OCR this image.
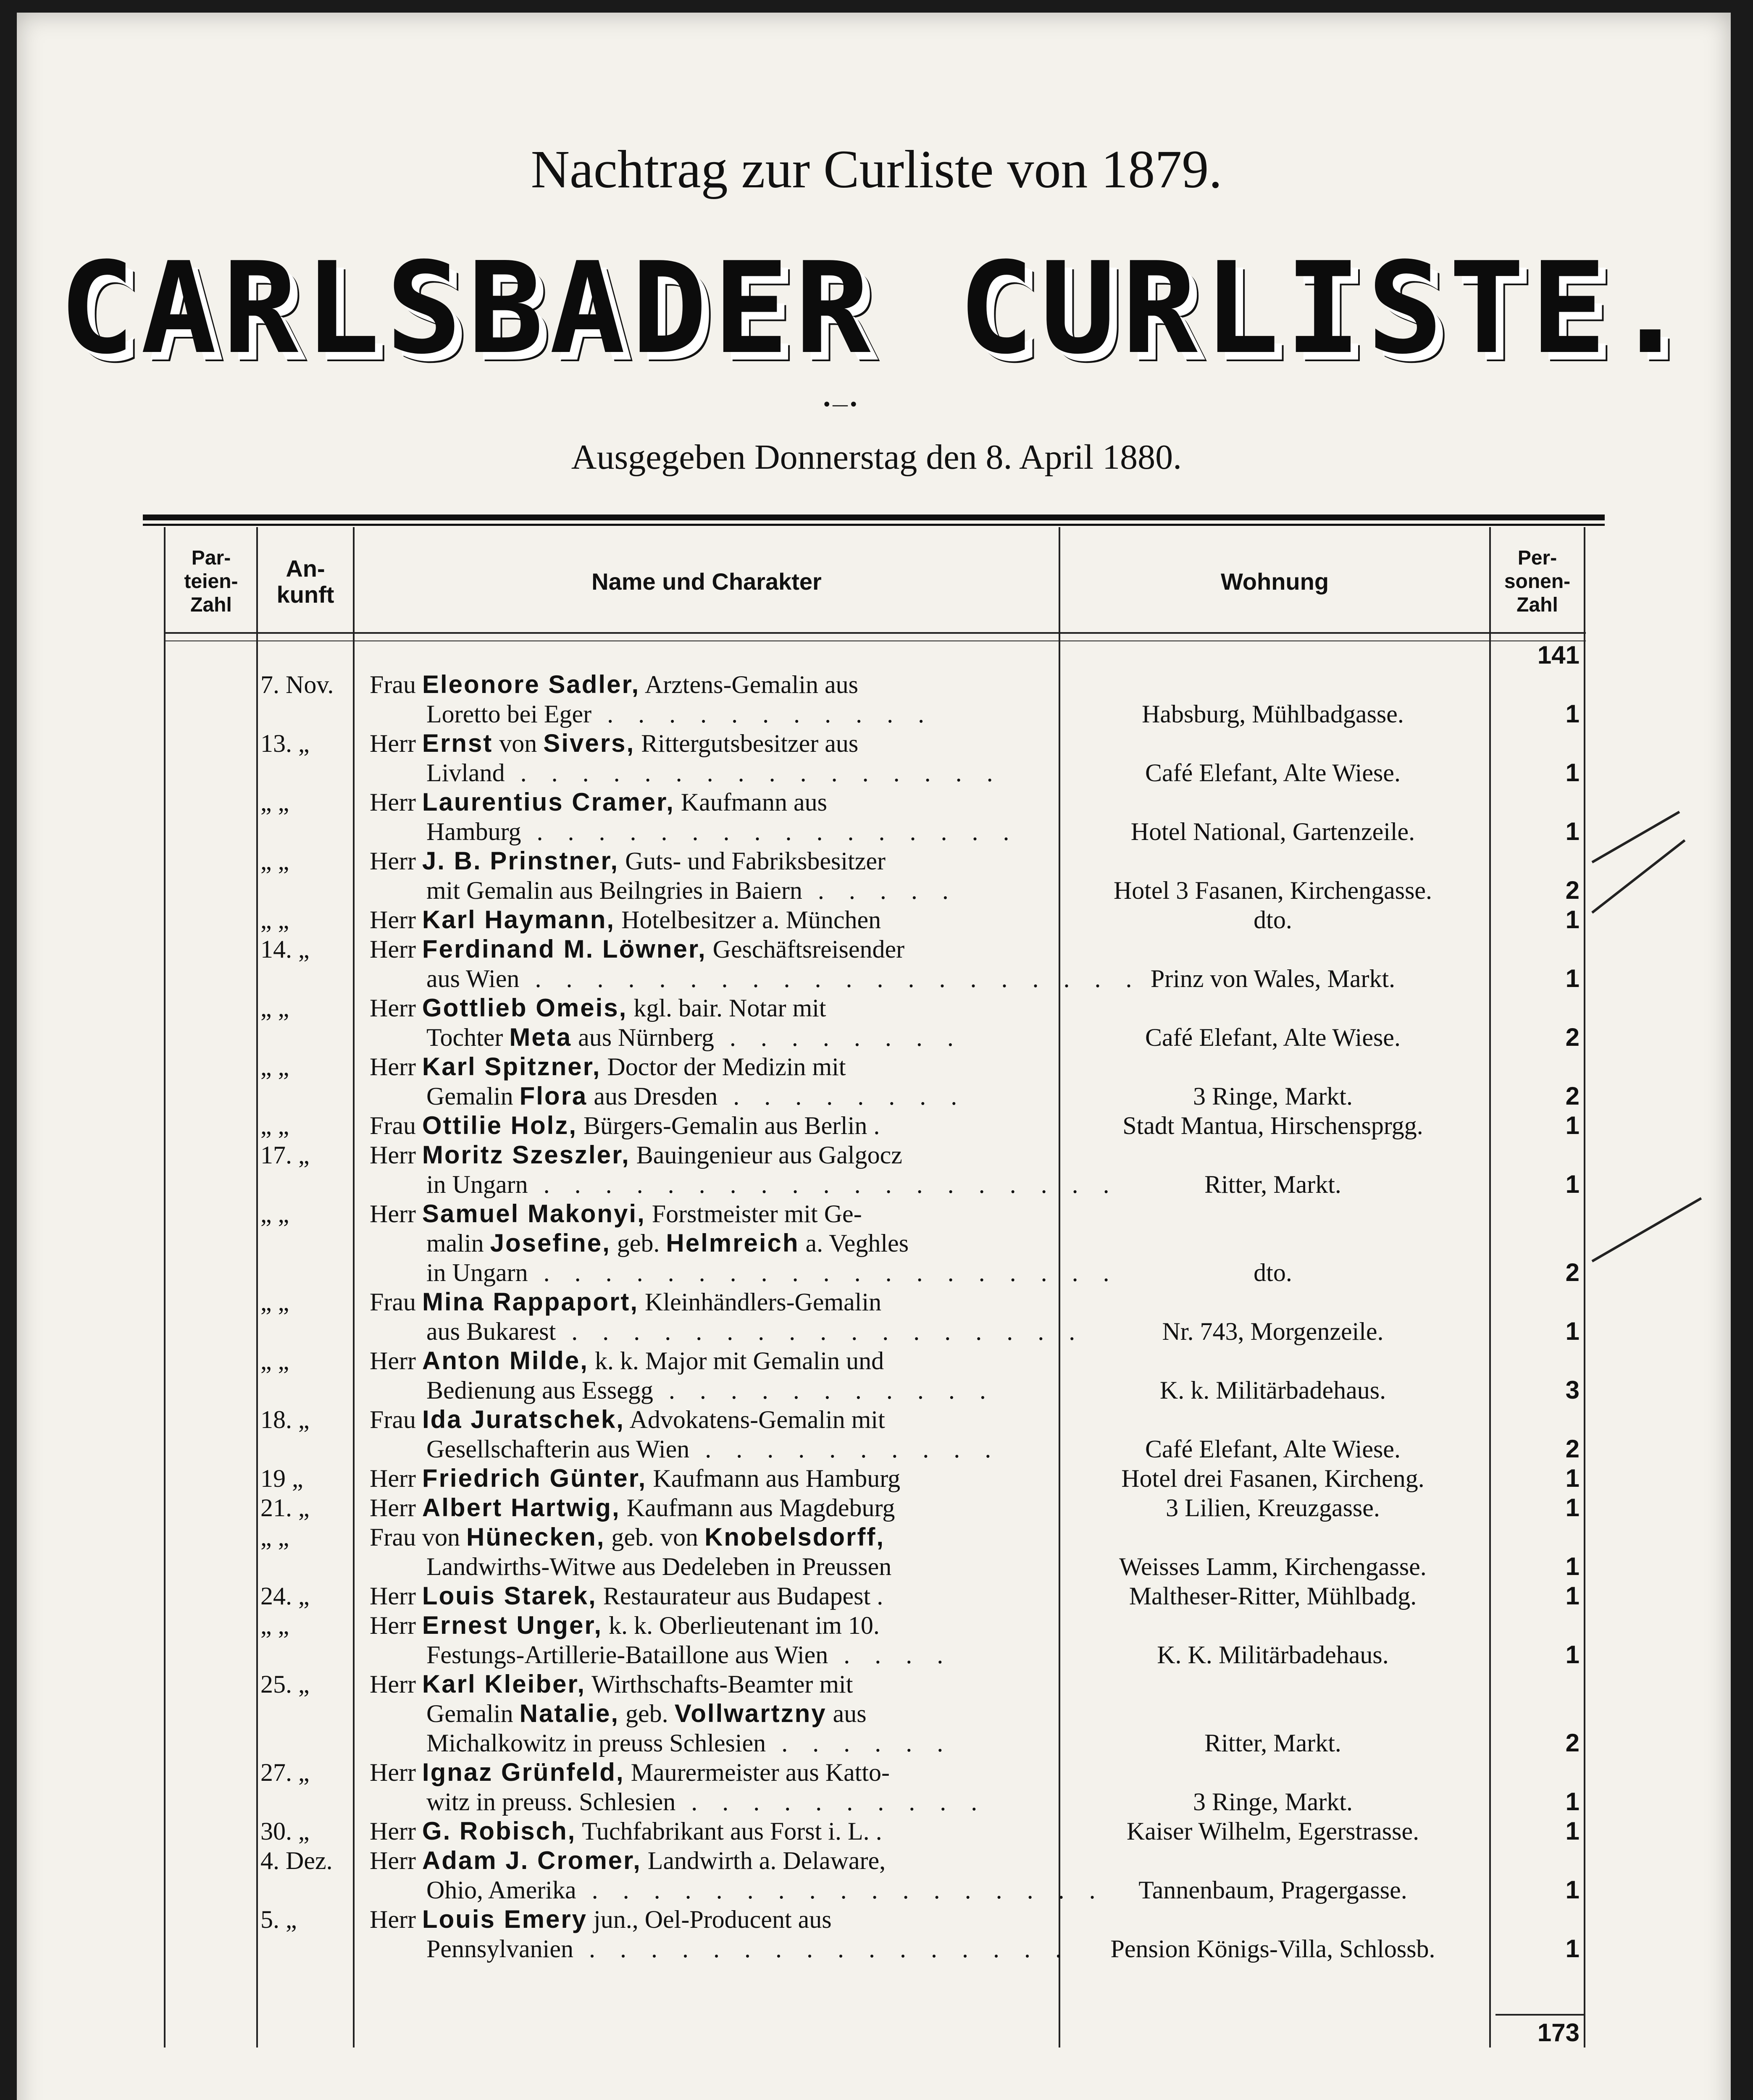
Nachtrag zur Curliste von 1879.
CARLSBADER CURLISTE.
•—•
Ausgegeben Donnerstag den 8. April 1880.
Par-
teien-
Zahl
An-
kunft	Name und Charakter	Wohnung
Per-
sonen-
Zahl
141
173
7. Nov.	Frau Eleonore Sadler, Arztens-Gemalin aus
Loretto bei Eger . . . . . . . . . . .	Habsburg, Mühlbadgasse.	1
13. „	Herr Ernst von Sivers, Rittergutsbesitzer aus
Livland . . . . . . . . . . . . . . . .	Café Elefant, Alte Wiese.	1
„ „	Herr Laurentius Cramer, Kaufmann aus
Hamburg . . . . . . . . . . . . . . . .	Hotel National, Gartenzeile.	1
„ „	Herr J. B. Prinstner, Guts- und Fabriksbesitzer
mit Gemalin aus Beilngries in Baiern . . . . .	Hotel 3 Fasanen, Kirchengasse.	2
„ „	Herr Karl Haymann, Hotelbesitzer a. München	dto.	1
14. „	Herr Ferdinand M. Löwner, Geschäftsreisender
aus Wien . . . . . . . . . . . . . . . . . . . . Prinz von Wales, Markt.	1
„ „	Herr Gottlieb Omeis, kgl. bair. Notar mit
Tochter Meta aus Nürnberg . . . . . . . .	Café Elefant, Alte Wiese.	2
„ „	Herr Karl Spitzner, Doctor der Medizin mit
Gemalin Flora aus Dresden . . . . . . . .	3 Ringe, Markt.	2
„ „	Frau Ottilie Holz, Bürgers-Gemalin aus Berlin .	Stadt Mantua, Hirschensprgg.	1
17. „	Herr Moritz Szeszler, Bauingenieur aus Galgocz
in Ungarn . . . . . . . . . . . . . . . . . . .	Ritter, Markt.	1
„ „	Herr Samuel Makonyi, Forstmeister mit Ge-
malin Josefine, geb. Helmreich a. Veghles
in Ungarn . . . . . . . . . . . . . . . . . . .	dto.	2
„ „	Frau Mina Rappaport, Kleinhändlers-Gemalin
aus Bukarest . . . . . . . . . . . . . . . . .	Nr. 743, Morgenzeile.	1
„ „	Herr Anton Milde, k. k. Major mit Gemalin und
Bedienung aus Essegg . . . . . . . . . . .	K. k. Militärbadehaus.	3
18. „	Frau Ida Juratschek, Advokatens-Gemalin mit
Gesellschafterin aus Wien . . . . . . . . . .	Café Elefant, Alte Wiese.	2
19 „	Herr Friedrich Günter, Kaufmann aus Hamburg	Hotel drei Fasanen, Kircheng.	1
21. „	Herr Albert Hartwig, Kaufmann aus Magdeburg	3 Lilien, Kreuzgasse.	1
„ „	Frau von Hünecken, geb. von Knobelsdorff,
Landwirths-Witwe aus Dedeleben in Preussen	Weisses Lamm, Kirchengasse.	1
24. „	Herr Louis Starek, Restaurateur aus Budapest .	Maltheser-Ritter, Mühlbadg.	1
„ „	Herr Ernest Unger, k. k. Oberlieutenant im 10.
Festungs-Artillerie-Bataillone aus Wien . . . .	K. K. Militärbadehaus.	1
25. „	Herr Karl Kleiber, Wirthschafts-Beamter mit
Gemalin Natalie, geb. Vollwartzny aus
Michalkowitz in preuss Schlesien . . . . . .	Ritter, Markt.	2
27. „	Herr Ignaz Grünfeld, Maurermeister aus Katto-
witz in preuss. Schlesien . . . . . . . . . .	3 Ringe, Markt.	1
30. „	Herr G. Robisch, Tuchfabrikant aus Forst i. L. .	Kaiser Wilhelm, Egerstrasse.	1
4. Dez.	Herr Adam J. Cromer, Landwirth a. Delaware,
Ohio, Amerika . . . . . . . . . . . . . . . . .	Tannenbaum, Pragergasse.	1
5. „	Herr Louis Emery jun., Oel-Producent aus
Pennsylvanien . . . . . . . . . . . . . . . .	Pension Königs-Villa, Schlossb.	1
